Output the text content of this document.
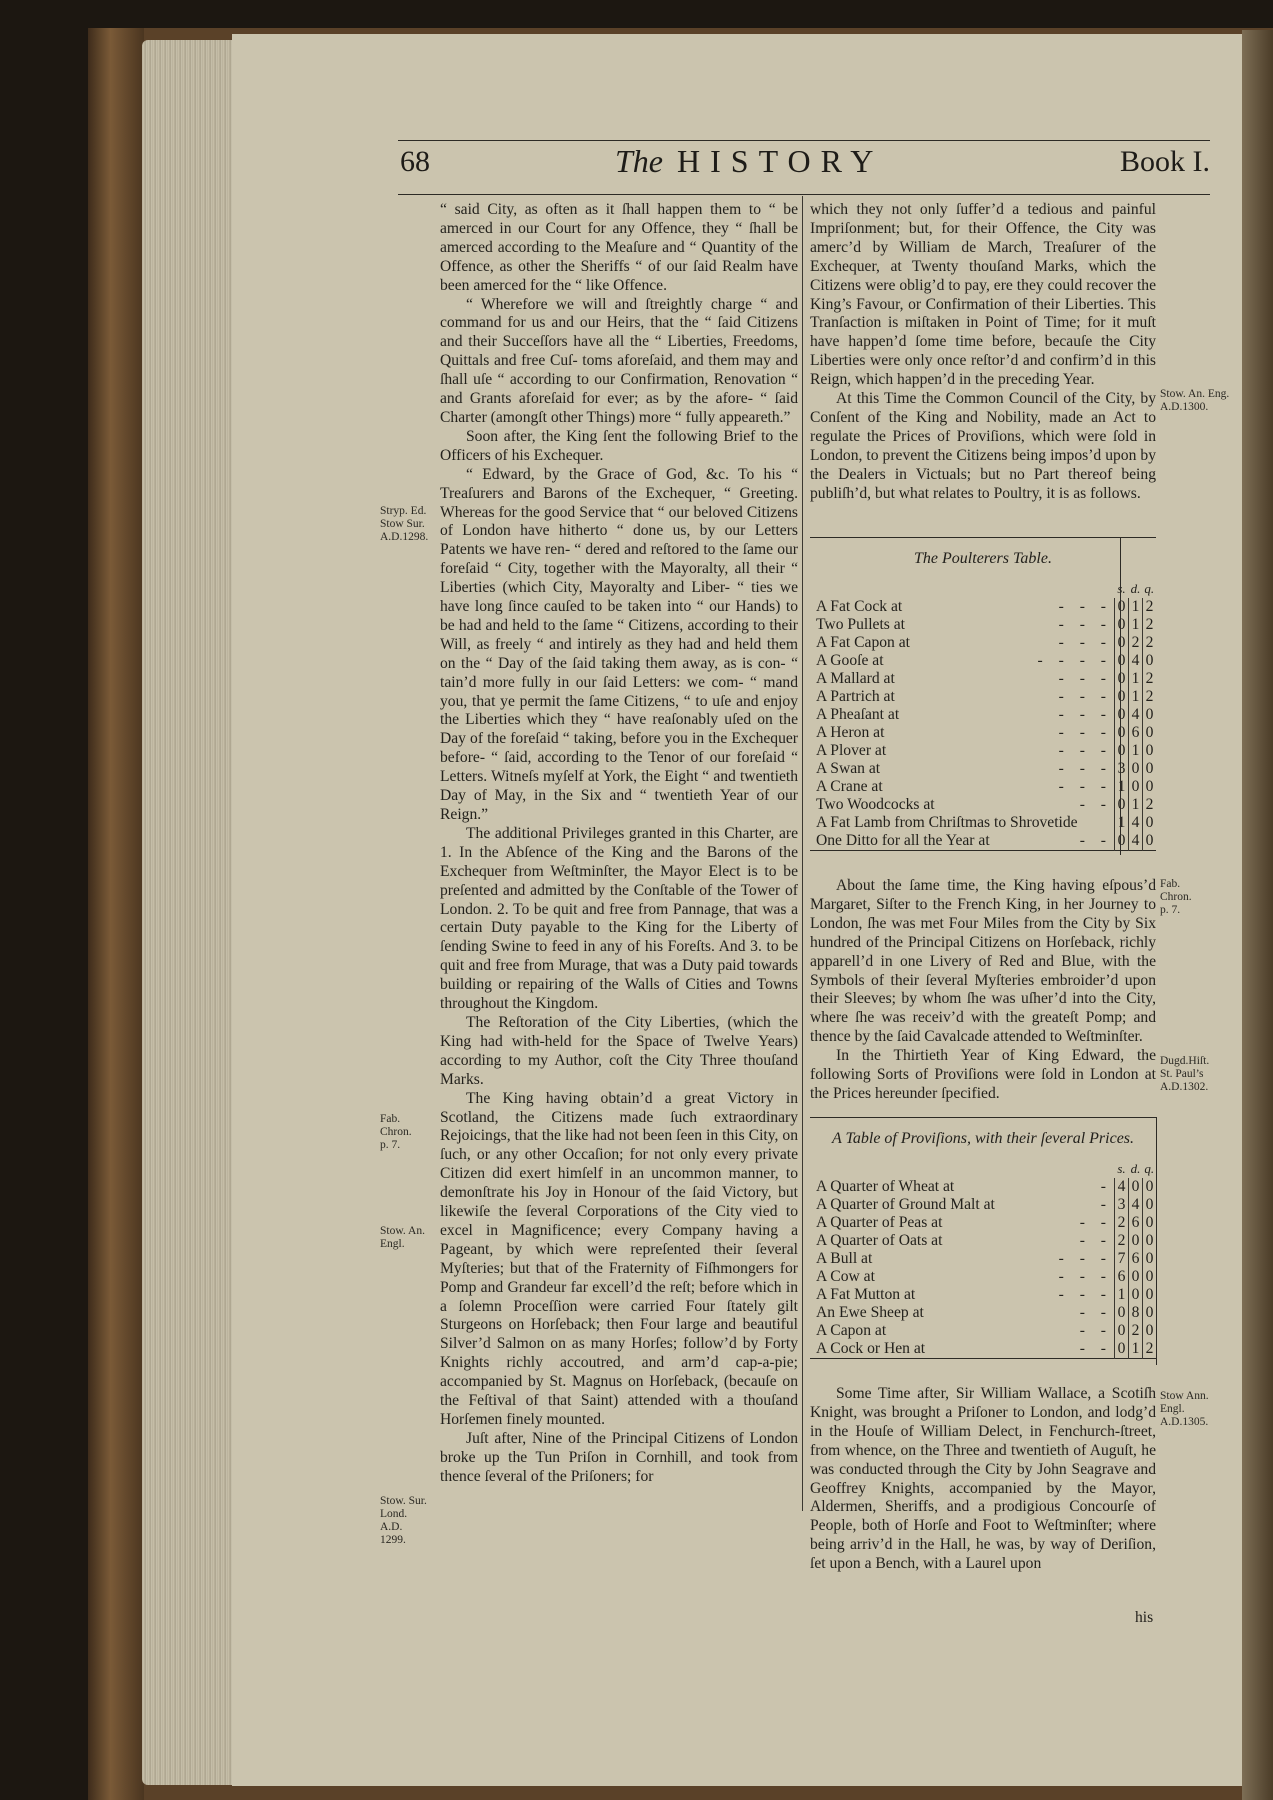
68	The HISTORY	Book I.
Stryp. Ed. Stow Sur. A.D.1298.
Fab. Chron. p. 7.
Stow. An. Engl.
Stow. Sur. Lond. A.D. 1299.

“ said City, as often as it ſhall happen them to “ be amerced in our Court for any Offence, they “ ſhall be amerced according to the Meaſure and “ Quantity of the Offence, as other the Sheriffs “ of our ſaid Realm have been amerced for the “ like Offence.

“ Wherefore we will and ſtreightly charge “ and command for us and our Heirs, that the “ ſaid Citizens and their Succeſſors have all the “ Liberties, Freedoms, Quittals and free Cuſ- toms aforeſaid, and them may and ſhall uſe “ according to our Confirmation, Renovation “ and Grants aforeſaid for ever; as by the afore- “ ſaid Charter (amongſt other Things) more “ fully appeareth.”

Soon after, the King ſent the following Brief to the Officers of his Exchequer.

“ Edward, by the Grace of God, &c. To his “ Treaſurers and Barons of the Exchequer, “ Greeting. Whereas for the good Service that “ our beloved Citizens of London have hitherto “ done us, by our Letters Patents we have ren- “ dered and reſtored to the ſame our foreſaid “ City, together with the Mayoralty, all their “ Liberties (which City, Mayoralty and Liber- “ ties we have long ſince cauſed to be taken into “ our Hands) to be had and held to the ſame “ Citizens, according to their Will, as freely “ and intirely as they had and held them on the “ Day of the ſaid taking them away, as is con- “ tain’d more fully in our ſaid Letters: we com- “ mand you, that ye permit the ſame Citizens, “ to uſe and enjoy the Liberties which they “ have reaſonably uſed on the Day of the foreſaid “ taking, before you in the Exchequer before- “ ſaid, according to the Tenor of our foreſaid “ Letters. Witneſs myſelf at York, the Eight “ and twentieth Day of May, in the Six and “ twentieth Year of our Reign.”

The additional Privileges granted in this Charter, are 1. In the Abſence of the King and the Barons of the Exchequer from Weſtminſter, the Mayor Elect is to be preſented and admitted by the Conſtable of the Tower of London. 2. To be quit and free from Pannage, that was a certain Duty payable to the King for the Liberty of ſending Swine to feed in any of his Foreſts. And 3. to be quit and free from Murage, that was a Duty paid towards building or repairing of the Walls of Cities and Towns throughout the Kingdom.

The Reſtoration of the City Liberties, (which the King had with-held for the Space of Twelve Years) according to my Author, coſt the City Three thouſand Marks.

The King having obtain’d a great Victory in Scotland, the Citizens made ſuch extraordinary Rejoicings, that the like had not been ſeen in this City, on ſuch, or any other Occaſion; for not only every private Citizen did exert himſelf in an uncommon manner, to demonſtrate his Joy in Honour of the ſaid Victory, but likewiſe the ſeveral Corporations of the City vied to excel in Magnificence; every Company having a Pageant, by which were repreſented their ſeveral Myſteries; but that of the Fraternity of Fiſhmongers for Pomp and Grandeur far excell’d the reſt; before which in a ſolemn Proceſſion were carried Four ſtately gilt Sturgeons on Horſeback; then Four large and beautiful Silver’d Salmon on as many Horſes; follow’d by Forty Knights richly accoutred, and arm’d cap-a-pie; accompanied by St. Magnus on Horſeback, (becauſe on the Feſtival of that Saint) attended with a thouſand Horſemen finely mounted.

Juſt after, Nine of the Principal Citizens of London broke up the Tun Priſon in Cornhill, and took from thence ſeveral of the Priſoners; for

which they not only ſuffer’d a tedious and painful Impriſonment; but, for their Offence, the City was amerc’d by William de March, Treaſurer of the Exchequer, at Twenty thouſand Marks, which the Citizens were oblig’d to pay, ere they could recover the King’s Favour, or Confirmation of their Liberties. This Tranſaction is miſtaken in Point of Time; for it muſt have happen’d ſome time before, becauſe the City Liberties were only once reſtor’d and confirm’d in this Reign, which happen’d in the preceding Year.

At this Time the Common Council of the City, by Conſent of the King and Nobility, made an Act to regulate the Prices of Proviſions, which were ſold in London, to prevent the Citizens being impos’d upon by the Dealers in Victuals; but no Part thereof being publiſh’d, but what relates to Poultry, it is as follows.

The Poulterers Table.
	s.	d.	q.
A Fat Cock at - - -	0	1	2
Two Pullets at - - -	0	1	2
A Fat Capon at - - -	0	2	2
A Gooſe at - - - -	0	4	0
A Mallard at - - -	0	1	2
A Partrich at - - -	0	1	2
A Pheaſant at - - -	0	4	0
A Heron at - - -	0	6	0
A Plover at - - -	0	1	0
A Swan at - - -	3	0	0
A Crane at - - -	1	0	0
Two Woodcocks at - -	0	1	2
A Fat Lamb from Chriſtmas to Shrovetide	1	4	0
One Ditto for all the Year at - -	0	4	0

About the ſame time, the King having eſpous’d Margaret, Siſter to the French King, in her Journey to London, ſhe was met Four Miles from the City by Six hundred of the Principal Citizens on Horſeback, richly apparell’d in one Livery of Red and Blue, with the Symbols of their ſeveral Myſteries embroider’d upon their Sleeves; by whom ſhe was uſher’d into the City, where ſhe was receiv’d with the greateſt Pomp; and thence by the ſaid Cavalcade attended to Weſtminſter.

In the Thirtieth Year of King Edward, the following Sorts of Proviſions were ſold in London at the Prices hereunder ſpecified.

A Table of Proviſions, with their ſeveral Prices.
	s.	d.	q.
A Quarter of Wheat at -	4	0	0
A Quarter of Ground Malt at -	3	4	0
A Quarter of Peas at - -	2	6	0
A Quarter of Oats at - -	2	0	0
A Bull at - - -	7	6	0
A Cow at - - -	6	0	0
A Fat Mutton at - - -	1	0	0
An Ewe Sheep at - -	0	8	0
A Capon at - -	0	2	0
A Cock or Hen at - -	0	1	2

Some Time after, Sir William Wallace, a Scotiſh Knight, was brought a Priſoner to London, and lodg’d in the Houſe of William Delect, in Fenchurch-ſtreet, from whence, on the Three and twentieth of Auguſt, he was conducted through the City by John Seagrave and Geoffrey Knights, accompanied by the Mayor, Aldermen, Sheriffs, and a prodigious Concourſe of People, both of Horſe and Foot to Weſtminſter; where being arriv’d in the Hall, he was, by way of Deriſion, ſet upon a Bench, with a Laurel upon

his
Stow. An. Eng. A.D.1300.
Fab. Chron. p. 7.
Dugd.Hiſt. St. Paul’s A.D.1302.
Stow Ann. Engl. A.D.1305.
